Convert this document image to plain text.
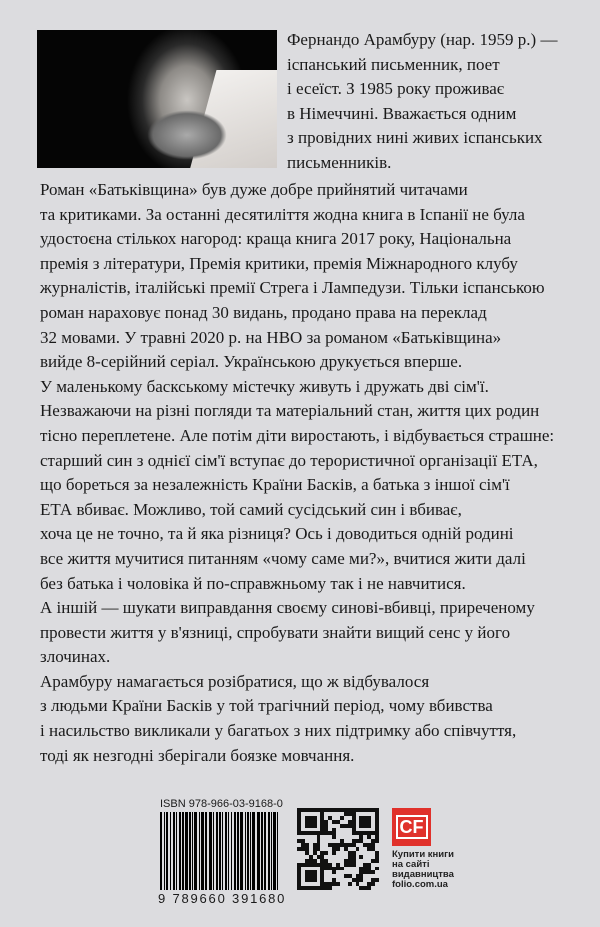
Фернандо Арамбуру (нар. 1959 р.) —
іспанський письменник, поет
і есеїст. З 1985 року проживає
в Німеччині. Вважається одним
з провідних нині живих іспанських
письменників.
Роман «Батьківщина» був дуже добре прийнятий читачами
та критиками. За останні десятиліття жодна книга в Іспанії не була
удостоєна стількох нагород: краща книга 2017 року, Національна
премія з літератури, Премія критики, премія Міжнародного клубу
журналістів, італійські премії Стрега і Лампедузи. Тільки іспанською
роман нараховує понад 30 видань, продано права на переклад
32 мовами. У травні 2020 р. на HBO за романом «Батьківщина»
вийде 8-серійний серіал. Українською друкується вперше.
У маленькому баскському містечку живуть і дружать дві сім'ї.
Незважаючи на різні погляди та матеріальний стан, життя цих родин
тісно переплетене. Але потім діти виростають, і відбувається страшне:
старший син з однієї сім'ї вступає до терористичної організації ЕТА,
що бореться за незалежність Країни Басків, а батька з іншої сім'ї
ЕТА вбиває. Можливо, той самий сусідський син і вбиває,
хоча це не точно, та й яка різниця? Ось і доводиться одній родині
все життя мучитися питанням «чому саме ми?», вчитися жити далі
без батька і чоловіка й по-справжньому так і не навчитися.
А іншій — шукати виправдання своєму синові-вбивці, приреченому
провести життя у в'язниці, спробувати знайти вищий сенс у його
злочинах.
Арамбуру намагається розібратися, що ж відбувалося
з людьми Країни Басків у той трагічний період, чому вбивства
і насильство викликали у багатьох з них підтримку або співчуття,
тоді як незгодні зберігали боязке мовчання.
ISBN 978-966-03-9168-0
9 789660 391680
CF
Купити книги
на сайті
видавництва
folio.com.ua
